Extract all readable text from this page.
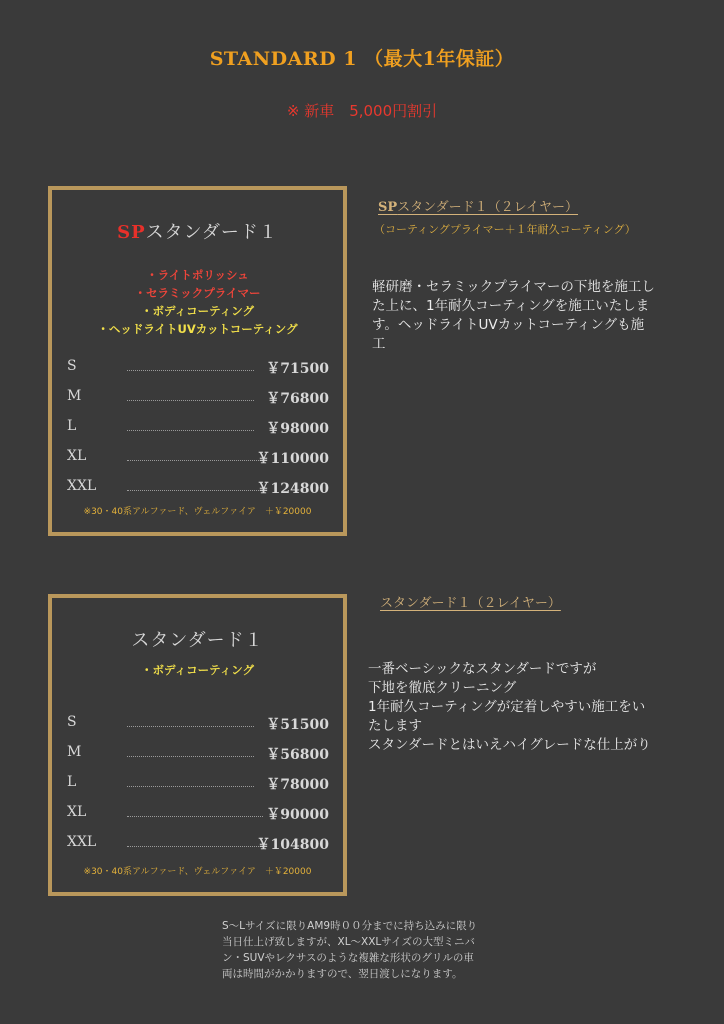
STANDARD 1 （最大1年保証）
※ 新車　5,000円割引
SPスタンダード１
・ライトポリッシュ
・セラミックプライマー
・ボディコーティング
・ヘッドライトUVカットコーティング
S	￥71500
M	￥76800
L	￥98000
XL	￥110000
XXL	￥124800
※30・40系アルファード、ヴェルファイア　＋￥20000
SPスタンダード１（２レイヤー）
（コーティングプライマー＋１年耐久コーティング）
軽研磨・セラミックプライマーの下地を施工し
た上に、1年耐久コーティングを施工いたしま
す。ヘッドライトUVカットコーティングも施
工
スタンダード１
・ボディコーティング
S	￥51500
M	￥56800
L	￥78000
XL	￥90000
XXL	￥104800
※30・40系アルファード、ヴェルファイア　＋￥20000
スタンダード１（２レイヤー）
一番ベーシックなスタンダードですが
下地を徹底クリーニング
1年耐久コーティングが定着しやすい施工をい
たします
スタンダードとはいえハイグレードな仕上がり
S〜Lサイズに限りAM9時００分までに持ち込みに限り
当日仕上げ致しますが、XL〜XXLサイズの大型ミニバ
ン・SUVやレクサスのような複雑な形状のグリルの車
両は時間がかかりますので、翌日渡しになります。
